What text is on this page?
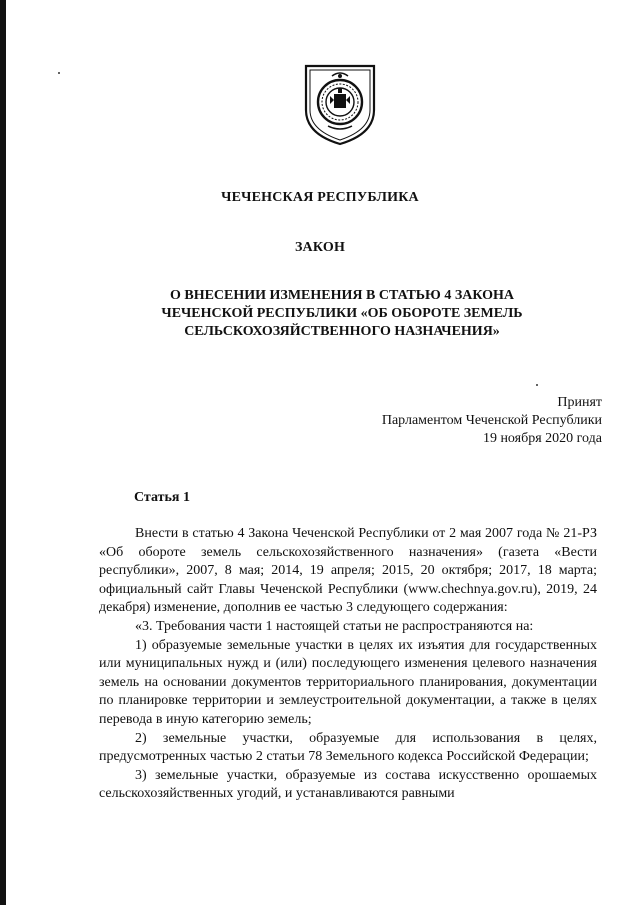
ЧЕЧЕНСКАЯ РЕСПУБЛИКА
ЗАКОН
О ВНЕСЕНИИ ИЗМЕНЕНИЯ В СТАТЬЮ 4 ЗАКОНА
ЧЕЧЕНСКОЙ РЕСПУБЛИКИ «ОБ ОБОРОТЕ ЗЕМЕЛЬ
СЕЛЬСКОХОЗЯЙСТВЕННОГО НАЗНАЧЕНИЯ»
Принят
Парламентом Чеченской Республики
19 ноября 2020 года
Статья 1

Внести в статью 4 Закона Чеченской Республики от 2 мая 2007 года № 21-РЗ «Об обороте земель сельскохозяйственного назначения» (газета «Вести республики», 2007, 8 мая; 2014, 19 апреля; 2015, 20 октября; 2017, 18 марта; официальный сайт Главы Чеченской Республики (www.chechnya.gov.ru), 2019, 24 декабря) изменение, дополнив ее частью 3 следующего содержания:

«3. Требования части 1 настоящей статьи не распространяются на:

1) образуемые земельные участки в целях их изъятия для государственных или муниципальных нужд и (или) последующего изменения целевого назначения земель на основании документов территориального планирования, документации по планировке территории и землеустроительной документации, а также в целях перевода в иную категорию земель;

2) земельные участки, образуемые для использования в целях, предусмотренных частью 2 статьи 78 Земельного кодекса Российской Федерации;

3) земельные участки, образуемые из состава искусственно орошаемых сельскохозяйственных угодий, и устанавливаются равными
